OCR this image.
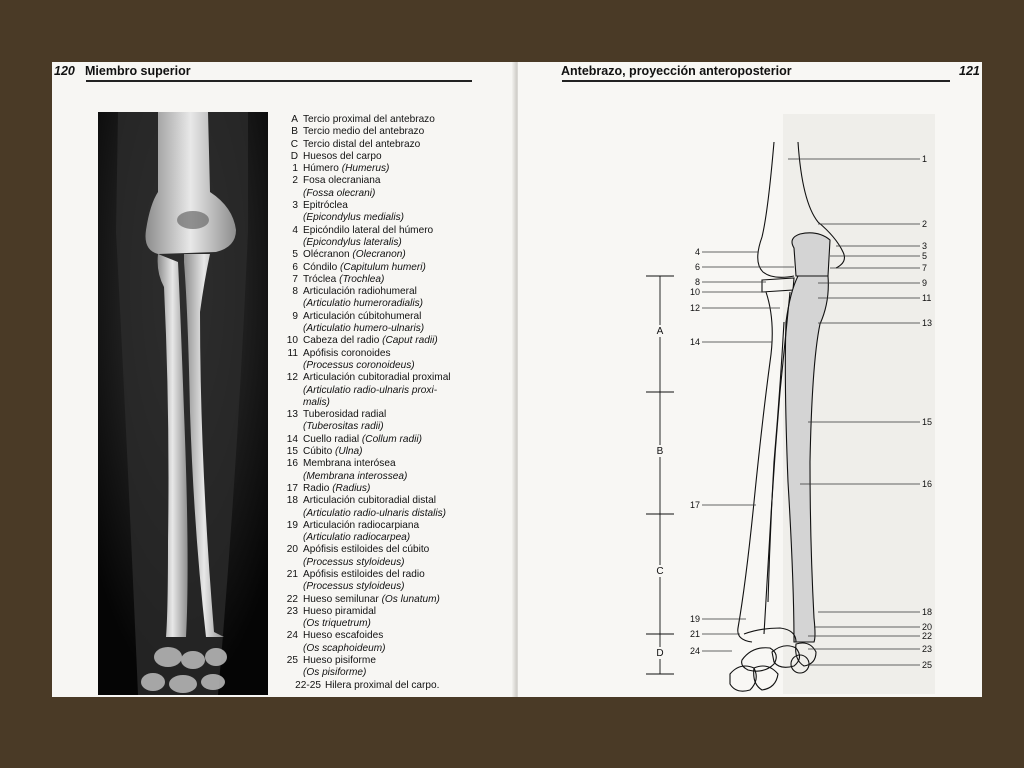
120 Miembro superior
A Tercio proximal del antebrazo
B Tercio medio del antebrazo
C Tercio distal del antebrazo
D Huesos del carpo
1 Húmero (Humerus)
2 Fosa olecraniana
(Fossa olecrani)
3 Epitróclea
(Epicondylus medialis)
4 Epicóndilo lateral del húmero
(Epicondylus lateralis)
5 Olécranon (Olecranon)
6 Cóndilo (Capitulum humeri)
7 Tróclea (Trochlea)
8 Articulación radiohumeral
(Articulatio humeroradialis)
9 Articulación cúbitohumeral
(Articulatio humero-ulnaris)
10 Cabeza del radio (Caput radii)
11 Apófisis coronoides
(Processus coronoideus)
12 Articulación cubitoradial proximal
(Articulatio radio-ulnaris proxi-
malis)
13 Tuberosidad radial
(Tuberositas radii)
14 Cuello radial (Collum radii)
15 Cúbito (Ulna)
16 Membrana interósea
(Membrana interossea)
17 Radio (Radius)
18 Articulación cubitoradial distal
(Articulatio radio-ulnaris distalis)
19 Articulación radiocarpiana
(Articulatio radiocarpea)
20 Apófisis estiloides del cúbito
(Processus styloideus)
21 Apófisis estiloides del radio
(Processus styloideus)
22 Hueso semilunar (Os lunatum)
23 Hueso piramidal
(Os triquetrum)
24 Hueso escafoides
(Os scaphoideum)
25 Hueso pisiforme
(Os pisiforme)
22-25 Hilera proximal del carpo.
Antebrazo, proyección anteroposterior	121
A
B
C
D
1
2
3
5
7
9
11
13
15
16
18
20
22
23
25
4
6
8
10
12
14
17
19
21
24
